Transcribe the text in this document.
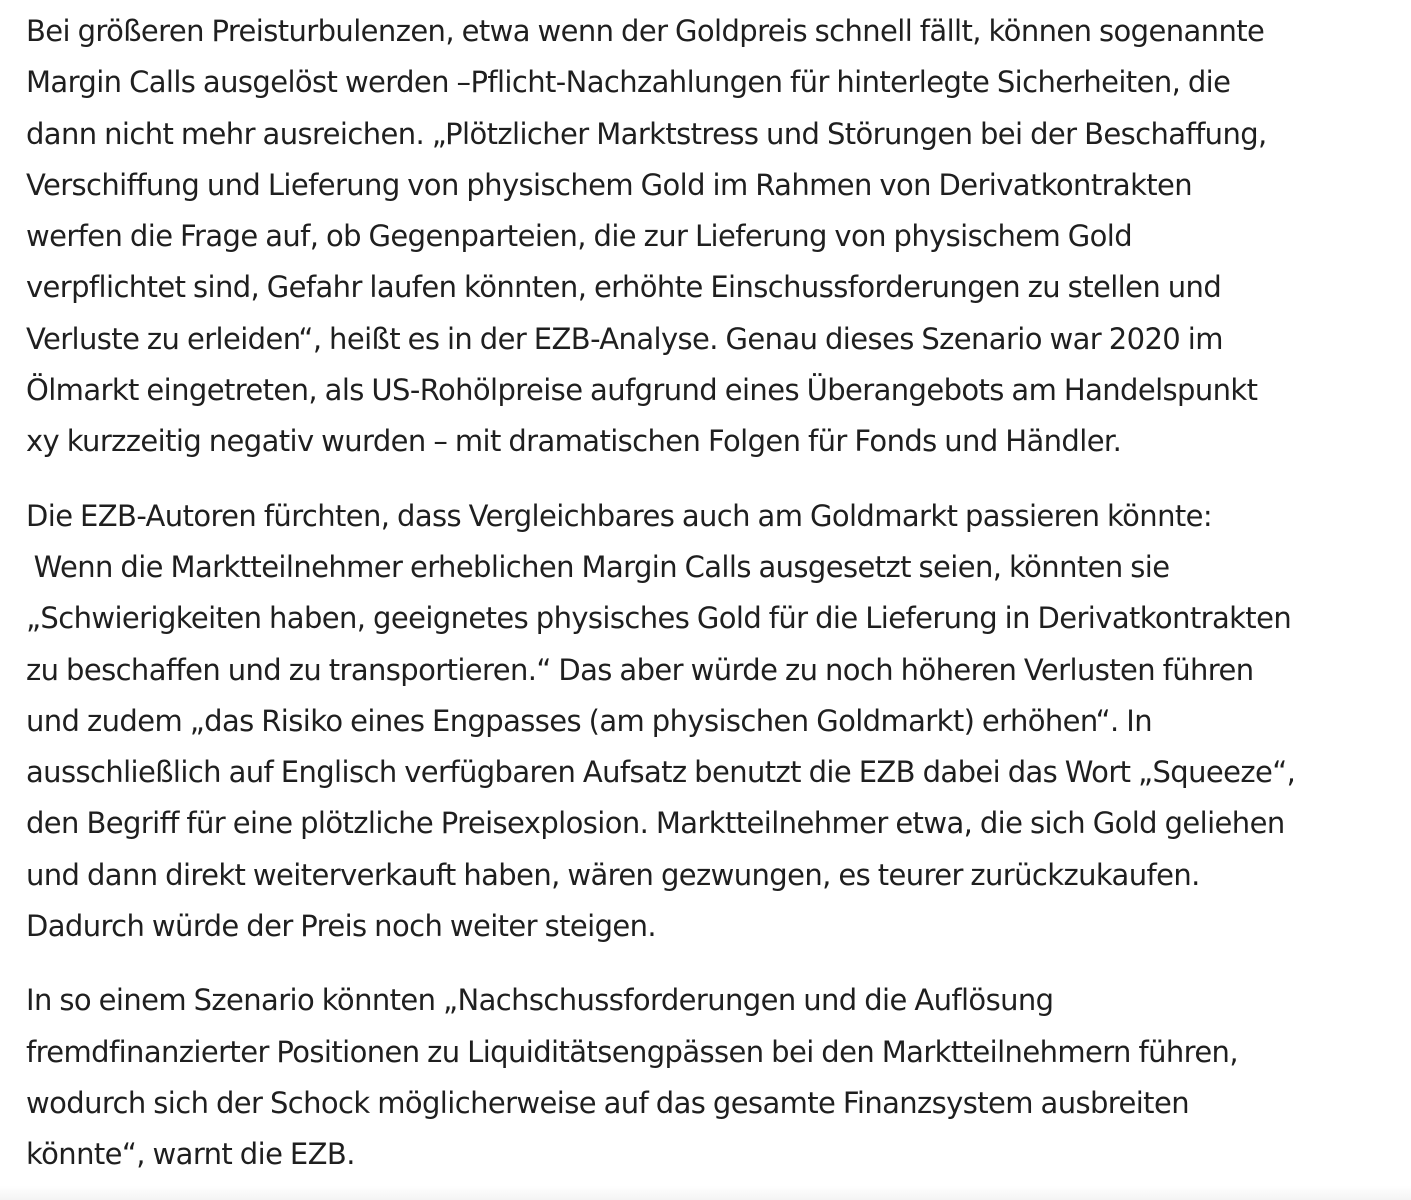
Bei größeren Preisturbulenzen, etwa wenn der Goldpreis schnell fällt, können sogenannte
Margin Calls ausgelöst werden –Pflicht-Nachzahlungen für hinterlegte Sicherheiten, die
dann nicht mehr ausreichen. „Plötzlicher Marktstress und Störungen bei der Beschaffung,
Verschiffung und Lieferung von physischem Gold im Rahmen von Derivatkontrakten
werfen die Frage auf, ob Gegenparteien, die zur Lieferung von physischem Gold
verpflichtet sind, Gefahr laufen könnten, erhöhte Einschussforderungen zu stellen und
Verluste zu erleiden“, heißt es in der EZB-Analyse. Genau dieses Szenario war 2020 im
Ölmarkt eingetreten, als US-Rohölpreise aufgrund eines Überangebots am Handelspunkt
xy kurzzeitig negativ wurden – mit dramatischen Folgen für Fonds und Händler.

Die EZB-Autoren fürchten, dass Vergleichbares auch am Goldmarkt passieren könnte:
Wenn die Marktteilnehmer erheblichen Margin Calls ausgesetzt seien, könnten sie
„Schwierigkeiten haben, geeignetes physisches Gold für die Lieferung in Derivatkontrakten
zu beschaffen und zu transportieren.“ Das aber würde zu noch höheren Verlusten führen
und zudem „das Risiko eines Engpasses (am physischen Goldmarkt) erhöhen“. In
ausschließlich auf Englisch verfügbaren Aufsatz benutzt die EZB dabei das Wort „Squeeze“,
den Begriff für eine plötzliche Preisexplosion. Marktteilnehmer etwa, die sich Gold geliehen
und dann direkt weiterverkauft haben, wären gezwungen, es teurer zurückzukaufen.
Dadurch würde der Preis noch weiter steigen.

In so einem Szenario könnten „Nachschussforderungen und die Auflösung
fremdfinanzierter Positionen zu Liquiditätsengpässen bei den Marktteilnehmern führen,
wodurch sich der Schock möglicherweise auf das gesamte Finanzsystem ausbreiten
könnte“, warnt die EZB.
